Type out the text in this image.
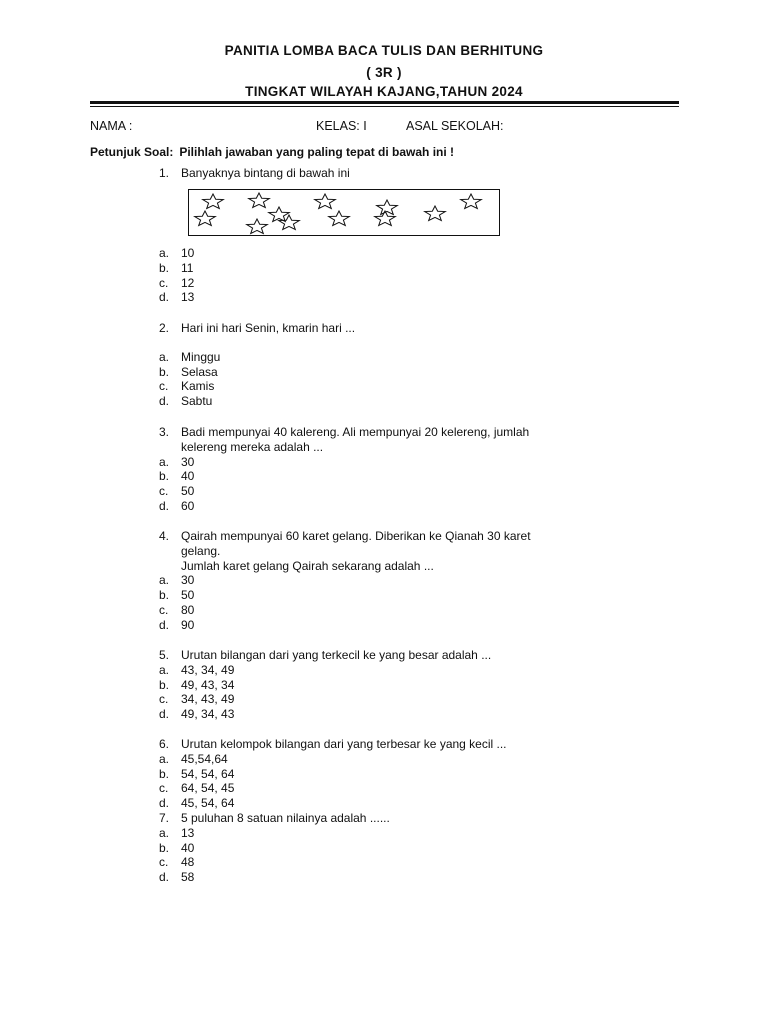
PANITIA LOMBA BACA TULIS DAN BERHITUNG
( 3R )
TINGKAT WILAYAH KAJANG,TAHUN 2024
NAMA :	KELAS: I	ASAL SEKOLAH:
Petunjuk Soal: Pilihlah jawaban yang paling tepat di bawah ini !
1. Banyaknya bintang di bawah ini
a. 10
b. 11
c. 12
d. 13
2. Hari ini hari Senin, kmarin hari ...
a. Minggu
b. Selasa
c. Kamis
d. Sabtu
3. Badi mempunyai 40 kalereng. Ali mempunyai 20 kelereng, jumlah
kelereng mereka adalah ...
a. 30
b. 40
c. 50
d. 60
4. Qairah mempunyai 60 karet gelang. Diberikan ke Qianah 30 karet
gelang.
Jumlah karet gelang Qairah sekarang adalah ...
a. 30
b. 50
c. 80
d. 90
5. Urutan bilangan dari yang terkecil ke yang besar adalah ...
a. 43, 34, 49
b. 49, 43, 34
c. 34, 43, 49
d. 49, 34, 43
6. Urutan kelompok bilangan dari yang terbesar ke yang kecil ...
a. 45,54,64
b. 54, 54, 64
c. 64, 54, 45
d. 45, 54, 64
7. 5 puluhan 8 satuan nilainya adalah ......
a. 13
b. 40
c. 48
d. 58
